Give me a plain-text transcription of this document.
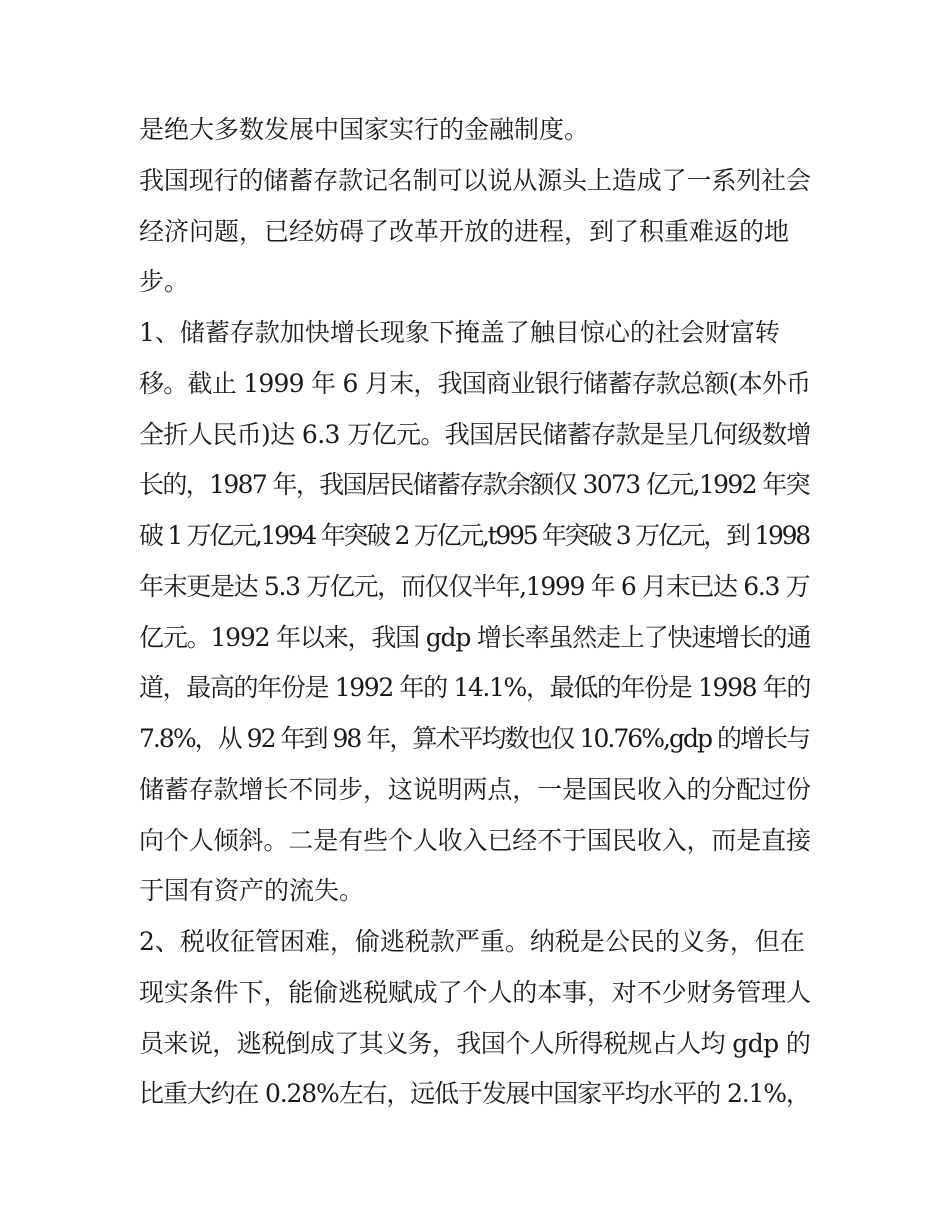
是绝大多数发展中国家实行的金融制度。
我国现行的储蓄存款记名制可以说从源头上造成了一系列社会
经济问题，已经妨碍了改革开放的进程，到了积重难返的地
步。
1、储蓄存款加快增长现象下掩盖了触目惊心的社会财富转
移。截止 1999 年 6 月末，我国商业银行储蓄存款总额(本外币
全折人民币)达 6.3 万亿元。我国居民储蓄存款是呈几何级数增
长的，1987 年，我国居民储蓄存款余额仅 3073 亿元,1992 年突
破 1 万亿元,1994 年突破 2 万亿元,t995 年突破 3 万亿元，到 1998
年末更是达 5.3 万亿元，而仅仅半年,1999 年 6 月末已达 6.3 万
亿元。1992 年以来，我国 gdp 增长率虽然走上了快速增长的通
道，最高的年份是 1992 年的 14.1%，最低的年份是 1998 年的
7.8%，从 92 年到 98 年，算术平均数也仅 10.76%,gdp 的增长与
储蓄存款增长不同步，这说明两点，一是国民收入的分配过份
向个人倾斜。二是有些个人收入已经不于国民收入，而是直接
于国有资产的流失。
2、税收征管困难，偷逃税款严重。纳税是公民的义务，但在
现实条件下，能偷逃税赋成了个人的本事，对不少财务管理人
员来说，逃税倒成了其义务，我国个人所得税规占人均 gdp 的
比重大约在 0.28%左右，远低于发展中国家平均水平的 2.1%，
